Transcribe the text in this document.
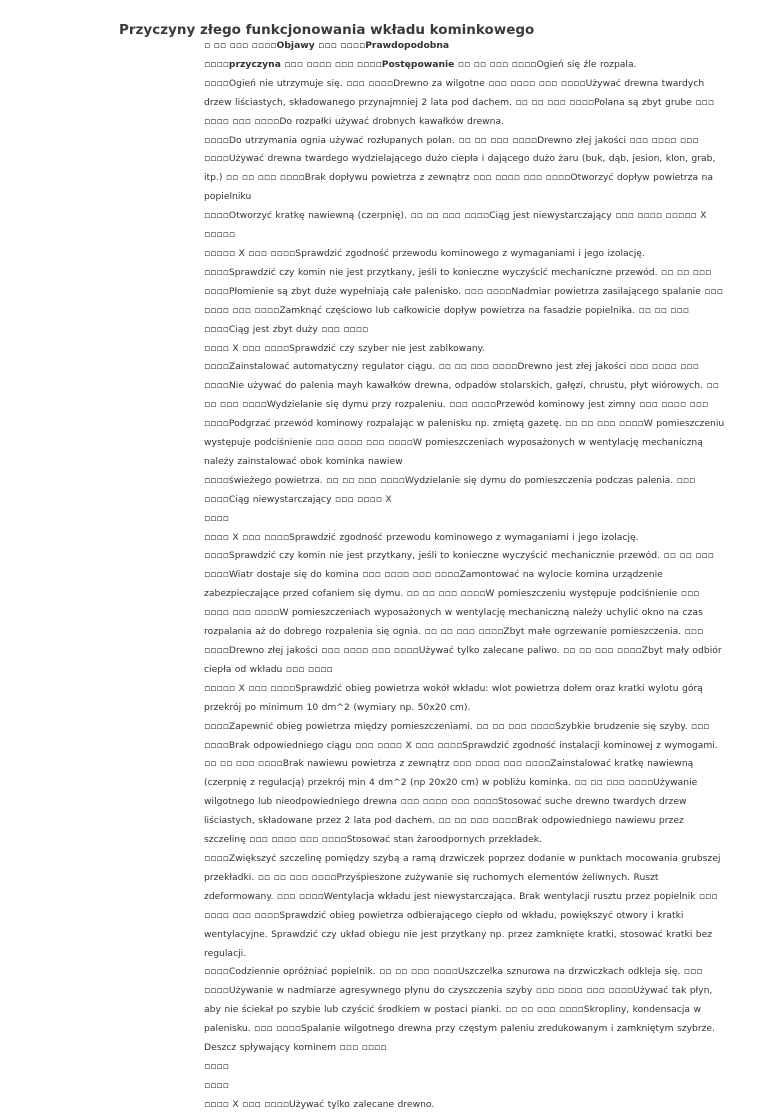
Przyczyny złego funkcjonowania wkładu kominkowego
▫ ▫▫ ▫▫▫ ▫▫▫▫Objawy ▫▫▫ ▫▫▫▫Prawdopodobna
▫▫▫▫przyczyna ▫▫▫ ▫▫▫▫ ▫▫▫ ▫▫▫▫Postępowanie ▫▫ ▫▫ ▫▫▫ ▫▫▫▫Ogień się źle rozpala.
▫▫▫▫Ogień nie utrzymuje się. ▫▫▫ ▫▫▫▫Drewno za wilgotne ▫▫▫ ▫▫▫▫ ▫▫▫ ▫▫▫▫Używać drewna twardych drzew liściastych, składowanego przynajmniej 2 lata pod dachem. ▫▫ ▫▫ ▫▫▫ ▫▫▫▫Polana są zbyt grube ▫▫▫ ▫▫▫▫ ▫▫▫ ▫▫▫▫Do rozpałki używać drobnych kawałków drewna.
▫▫▫▫Do utrzymania ognia używać rozłupanych polan. ▫▫ ▫▫ ▫▫▫ ▫▫▫▫Drewno złej jakości ▫▫▫ ▫▫▫▫ ▫▫▫ ▫▫▫▫Używać drewna twardego wydzielającego dużo ciepła i dającego dużo żaru (buk, dąb, jesion, klon, grab, itp.) ▫▫ ▫▫ ▫▫▫ ▫▫▫▫Brak dopływu powietrza z zewnątrz ▫▫▫ ▫▫▫▫ ▫▫▫ ▫▫▫▫Otworzyć dopływ powietrza na popielniku
▫▫▫▫Otworzyć kratkę nawiewną (czerpnię). ▫▫ ▫▫ ▫▫▫ ▫▫▫▫Ciąg jest niewystarczający ▫▫▫ ▫▫▫▫ ▫▫▫▫▫ X
▫▫▫▫▫
▫▫▫▫▫ X ▫▫▫ ▫▫▫▫Sprawdzić zgodność przewodu kominowego z wymaganiami i jego izolację.
▫▫▫▫Sprawdzić czy komin nie jest przytkany, jeśli to konieczne wyczyścić mechaniczne przewód. ▫▫ ▫▫ ▫▫▫ ▫▫▫▫Płomienie są zbyt duże wypełniają całe palenisko. ▫▫▫ ▫▫▫▫Nadmiar powietrza zasilającego spalanie ▫▫▫ ▫▫▫▫ ▫▫▫ ▫▫▫▫Zamknąć częściowo lub całkowicie dopływ powietrza na fasadzie popielnika. ▫▫ ▫▫ ▫▫▫ ▫▫▫▫Ciąg jest zbyt duży ▫▫▫ ▫▫▫▫
▫▫▫▫ X ▫▫▫ ▫▫▫▫Sprawdzić czy szyber nie jest zablkowany.
▫▫▫▫Zainstalować automatyczny regulator ciągu. ▫▫ ▫▫ ▫▫▫ ▫▫▫▫Drewno jest złej jakości ▫▫▫ ▫▫▫▫ ▫▫▫ ▫▫▫▫Nie używać do palenia mayh kawałków drewna, odpadów stolarskich, gałęzi, chrustu, płyt wiórowych. ▫▫ ▫▫ ▫▫▫ ▫▫▫▫Wydzielanie się dymu przy rozpaleniu. ▫▫▫ ▫▫▫▫Przewód kominowy jest zimny ▫▫▫ ▫▫▫▫ ▫▫▫ ▫▫▫▫Podgrzać przewód kominowy rozpalając w palenisku np. zmiętą gazetę. ▫▫ ▫▫ ▫▫▫ ▫▫▫▫W pomieszczeniu występuje podciśnienie ▫▫▫ ▫▫▫▫ ▫▫▫ ▫▫▫▫W pomieszczeniach wyposażonych w wentylację mechaniczną należy zainstalować obok kominka nawiew
▫▫▫▫świeżego powietrza. ▫▫ ▫▫ ▫▫▫ ▫▫▫▫Wydzielanie się dymu do pomieszczenia podczas palenia. ▫▫▫ ▫▫▫▫Ciąg niewystarczający ▫▫▫ ▫▫▫▫ X
▫▫▫▫
▫▫▫▫ X ▫▫▫ ▫▫▫▫Sprawdzić zgodność przewodu kominowego z wymaganiami i jego izolację.
▫▫▫▫Sprawdzić czy komin nie jest przytkany, jeśli to konieczne wyczyścić mechanicznie przewód. ▫▫ ▫▫ ▫▫▫ ▫▫▫▫Wiatr dostaje się do komina ▫▫▫ ▫▫▫▫ ▫▫▫ ▫▫▫▫Zamontować na wylocie komina urządzenie zabezpieczające przed cofaniem się dymu. ▫▫ ▫▫ ▫▫▫ ▫▫▫▫W pomieszczeniu występuje podciśnienie ▫▫▫ ▫▫▫▫ ▫▫▫ ▫▫▫▫W pomieszczeniach wyposażonych w wentylację mechaniczną należy uchylić okno na czas rozpalania aż do dobrego rozpalenia się ognia. ▫▫ ▫▫ ▫▫▫ ▫▫▫▫Zbyt małe ogrzewanie pomieszczenia. ▫▫▫ ▫▫▫▫Drewno złej jakości ▫▫▫ ▫▫▫▫ ▫▫▫ ▫▫▫▫Używać tylko zalecane paliwo. ▫▫ ▫▫ ▫▫▫ ▫▫▫▫Zbyt mały odbiór ciepła od wkładu ▫▫▫ ▫▫▫▫
▫▫▫▫▫ X ▫▫▫ ▫▫▫▫Sprawdzić obieg powietrza wokół wkładu: wlot powietrza dołem oraz kratki wylotu górą przekrój po minimum 10 dm^2 (wymiary np. 50x20 cm).
▫▫▫▫Zapewnić obieg powietrza między pomieszczeniami. ▫▫ ▫▫ ▫▫▫ ▫▫▫▫Szybkie brudzenie się szyby. ▫▫▫ ▫▫▫▫Brak odpowiedniego ciągu ▫▫▫ ▫▫▫▫ X ▫▫▫ ▫▫▫▫Sprawdzić zgodność instalacji kominowej z wymogami. ▫▫ ▫▫ ▫▫▫ ▫▫▫▫Brak nawiewu powietrza z zewnątrz ▫▫▫ ▫▫▫▫ ▫▫▫ ▫▫▫▫Zainstalować kratkę nawiewną (czerpnię z regulacją) przekrój min 4 dm^2 (np 20x20 cm) w pobliżu kominka. ▫▫ ▫▫ ▫▫▫ ▫▫▫▫Używanie wilgotnego lub nieodpowiedniego drewna ▫▫▫ ▫▫▫▫ ▫▫▫ ▫▫▫▫Stosować suche drewno twardych drzew liściastych, składowane przez 2 lata pod dachem. ▫▫ ▫▫ ▫▫▫ ▫▫▫▫Brak odpowiedniego nawiewu przez szczelinę ▫▫▫ ▫▫▫▫ ▫▫▫ ▫▫▫▫Stosować stan żaroodpornych przekładek.
▫▫▫▫Zwiększyć szczelinę pomiędzy szybą a ramą drzwiczek poprzez dodanie w punktach mocowania grubszej przekładki. ▫▫ ▫▫ ▫▫▫ ▫▫▫▫Przyśpieszone zużywanie się ruchomych elementów żeliwnych. Ruszt zdeformowany. ▫▫▫ ▫▫▫▫Wentylacja wkładu jest niewystarczająca. Brak wentylacji rusztu przez popielnik ▫▫▫ ▫▫▫▫ ▫▫▫ ▫▫▫▫Sprawdzić obieg powietrza odbierającego ciepło od wkładu, powiększyć otwory i kratki wentylacyjne. Sprawdzić czy układ obiegu nie jest przytkany np. przez zamknięte kratki, stosować kratki bez regulacji.
▫▫▫▫Codziennie opróżniać popielnik. ▫▫ ▫▫ ▫▫▫ ▫▫▫▫Uszczelka sznurowa na drzwiczkach odkleja się. ▫▫▫ ▫▫▫▫Używanie w nadmiarze agresywnego płynu do czyszczenia szyby ▫▫▫ ▫▫▫▫ ▫▫▫ ▫▫▫▫Używać tak płyn, aby nie ściekał po szybie lub czyścić środkiem w postaci pianki. ▫▫ ▫▫ ▫▫▫ ▫▫▫▫Skropliny, kondensacja w palenisku. ▫▫▫ ▫▫▫▫Spalanie wilgotnego drewna przy częstym paleniu zredukowanym i zamkniętym szybrze. Deszcz spływający kominem ▫▫▫ ▫▫▫▫
▫▫▫▫
▫▫▫▫
▫▫▫▫ X ▫▫▫ ▫▫▫▫Używać tylko zalecane drewno.
